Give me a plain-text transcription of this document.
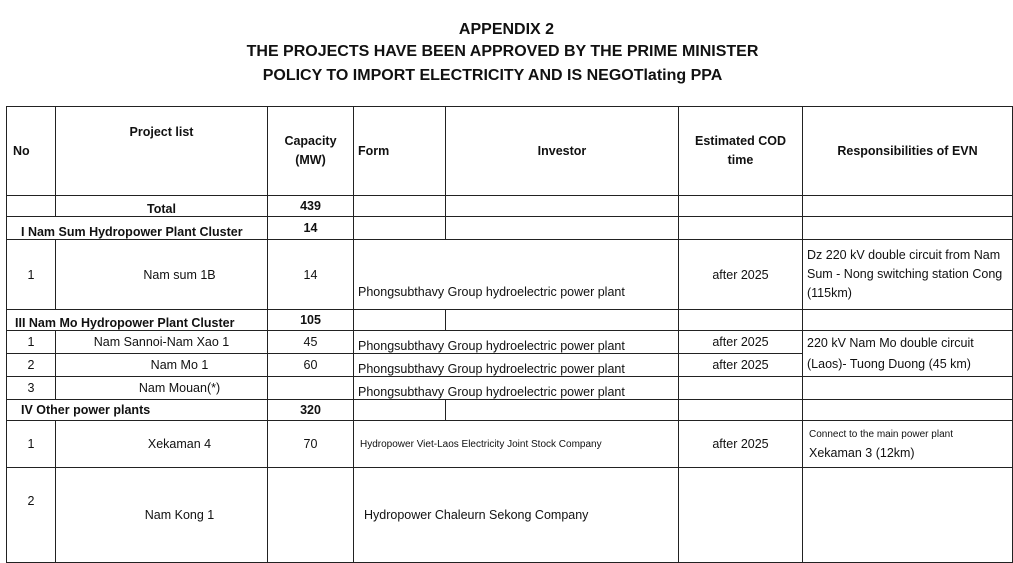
APPENDIX 2
THE PROJECTS HAVE BEEN APPROVED BY THE PRIME MINISTER
POLICY TO IMPORT ELECTRICITY AND IS NEGOTlating PPA
No	Project list	Capacity (MW)	Form	Investor	Estimated COD time	Responsibilities of EVN
	Total	439				
I Nam Sum Hydropower Plant Cluster		14				
1	Nam sum 1B	14	Phongsubthavy Group hydroelectric power plant		after 2025	Dz 220 kV double circuit from Nam Sum - Nong switching station Cong (115km)
III Nam Mo Hydropower Plant Cluster		105				
1	Nam Sannoi-Nam Xao 1	45	Phongsubthavy Group hydroelectric power plant		after 2025	220 kV Nam Mo double circuit (Laos)- Tuong Duong (45 km)
2	Nam Mo 1	60	Phongsubthavy Group hydroelectric power plant		after 2025	
3	Nam Mouan(*)		Phongsubthavy Group hydroelectric power plant			
IV Other power plants		320				
1	Xekaman 4	70	Hydropower Viet-Laos Electricity Joint Stock Company		after 2025	Connect to the main power plant
Xekaman 3 (12km)

2	Nam Kong 1		Hydropower Chaleurn Sekong Company			
